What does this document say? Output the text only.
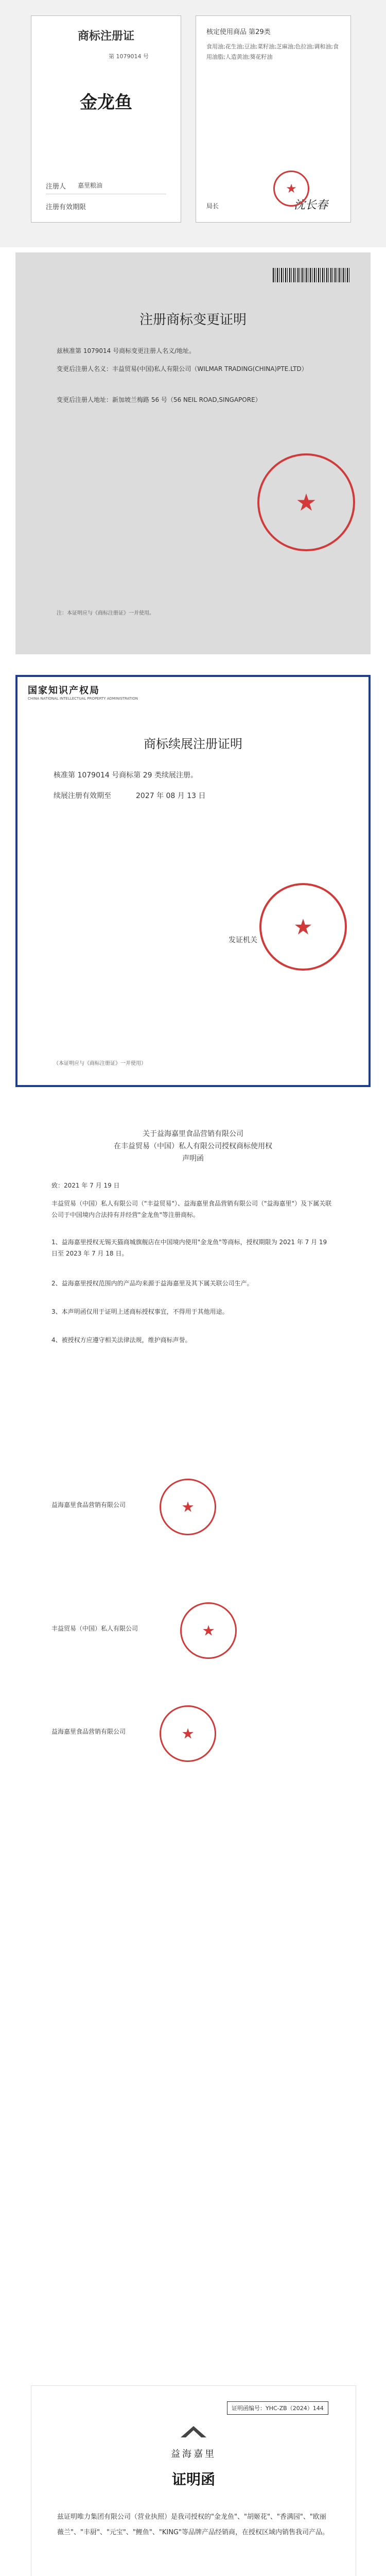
商标注册证
第 1079014 号
金龙鱼
注册人 嘉里粮油
注册有效期限
核定使用商品 第29类
食用油;花生油;豆油;菜籽油;芝麻油;色拉油;调和油;食用油脂;人造黄油;葵花籽油
局长	沈长春
★
注册商标变更证明
兹核准第 1079014 号商标变更注册人名义/地址。
变更后注册人名义：丰益贸易(中国)私人有限公司（WILMAR TRADING(CHINA)PTE.LTD）
变更后注册人地址：新加坡兰梅路 56 号（56 NEIL ROAD,SINGAPORE）
★
注：本证明应与《商标注册证》一并使用。
国家知识产权局
CHINA NATIONAL INTELLECTUAL PROPERTY ADMINISTRATION
商标续展注册证明
核准第 1079014 号商标第 29 类续展注册。
续展注册有效期至	2027 年 08 月 13 日
★
发证机关
（本证明应与《商标注册证》一并使用）
关于益海嘉里食品营销有限公司
在丰益贸易（中国）私人有限公司授权商标使用权
声明函
致：2021 年 7 月 19 日
丰益贸易（中国）私人有限公司（"丰益贸易"）、益海嘉里食品营销有限公司（"益海嘉里"）及下属关联公司于中国境内合法持有并经营"金龙鱼"等注册商标。
1、益海嘉里授权无锡天猫商城旗舰店在中国境内使用"金龙鱼"等商标，授权期限为 2021 年 7 月 19 日至 2023 年 7 月 18 日。
2、益海嘉里授权范围内的产品均来源于益海嘉里及其下属关联公司生产。
3、本声明函仅用于证明上述商标授权事宜，不得用于其他用途。
4、被授权方应遵守相关法律法规，维护商标声誉。
益海嘉里食品营销有限公司	★
丰益贸易（中国）私人有限公司	★
益海嘉里食品营销有限公司	★
证明函编号：YHC-ZB（2024）144
益海嘉里
证明函
兹证明唯力集团有限公司（营业执照）是我司授权的"金龙鱼"、"胡姬花"、"香满园"、"欧丽薇兰"、"丰厨"、"元宝"、"鲤鱼"、"KING"等品牌产品经销商，在授权区域内销售我司产品。
